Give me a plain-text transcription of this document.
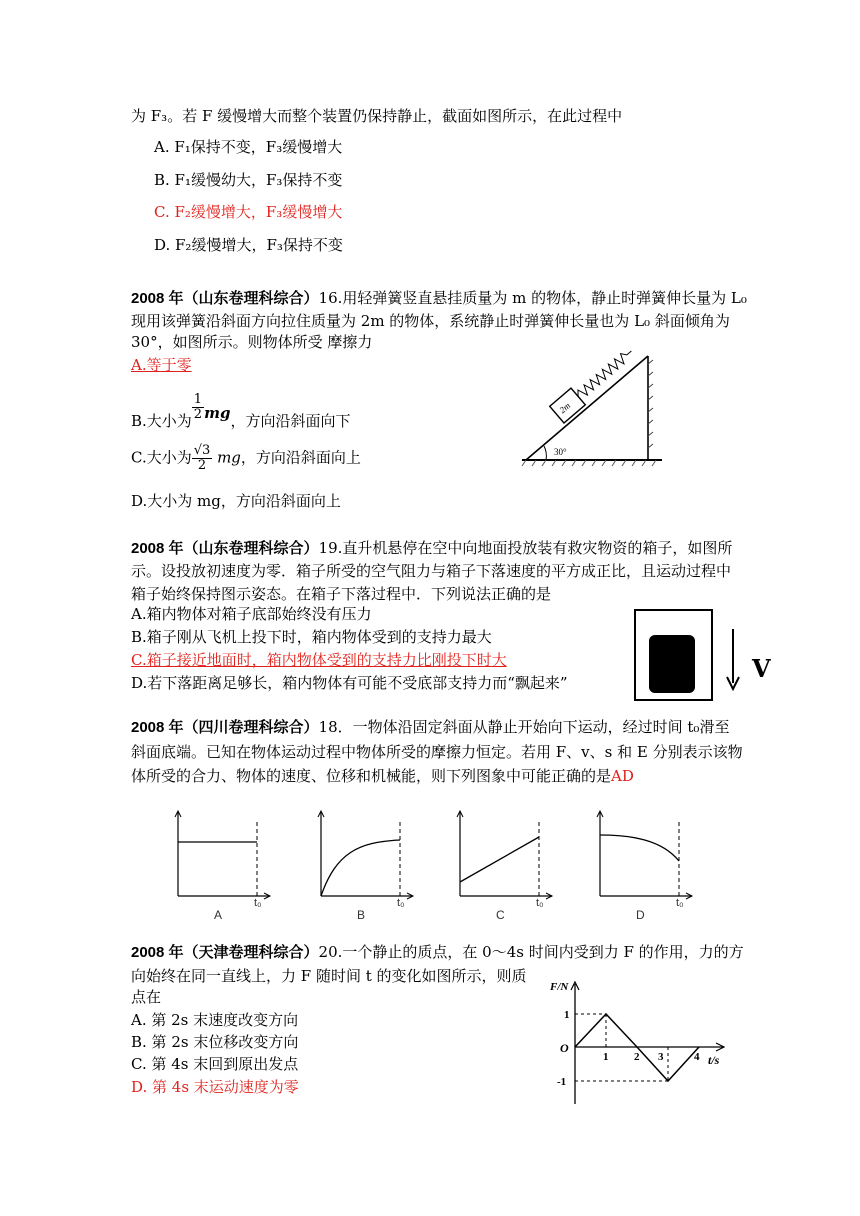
为 F₃。若 F 缓慢增大而整个装置仍保持静止，截面如图所示，在此过程中
A. F₁保持不变，F₃缓慢增大
B. F₁缓慢幼大，F₃保持不变
C. F₂缓慢增大，F₃缓慢增大
D. F₂缓慢增大，F₃保持不变
2008 年（山东卷理科综合）16.用轻弹簧竖直悬挂质量为 m 的物体，静止时弹簧伸长量为 L₀
现用该弹簧沿斜面方向拉住质量为 2m 的物体，系统静止时弹簧伸长量也为 L₀ 斜面倾角为
30°，如图所示。则物体所受 摩擦力
A.等于零
B.大小为 $\frac{1}{2}$ mg，方向沿斜面向下
C.大小为 $\frac{√3}{2}$ mg，方向沿斜面向上
D.大小为 mg，方向沿斜面向上
30°
2m
2008 年（山东卷理科综合）19.直升机悬停在空中向地面投放装有救灾物资的箱子，如图所
示。设投放初速度为零．箱子所受的空气阻力与箱子下落速度的平方成正比，且运动过程中
箱子始终保持图示姿态。在箱子下落过程中．下列说法正确的是
A.箱内物体对箱子底部始终没有压力
B.箱子刚从飞机上投下时，箱内物体受到的支持力最大
C.箱子接近地面时，箱内物体受到的支持力比刚投下时大
D.若下落距离足够长，箱内物体有可能不受底部支持力而“飘起来”	V
2008 年（四川卷理科综合）18．一物体沿固定斜面从静止开始向下运动，经过时间 t₀滑至
斜面底端。已知在物体运动过程中物体所受的摩擦力恒定。若用 F、v、s 和 E 分别表示该物
体所受的合力、物体的速度、位移和机械能，则下列图象中可能正确的是AD
t₀	t₀	t₀	t₀
A	B	C	D
2008 年（天津卷理科综合）20.一个静止的质点，在 0～4s 时间内受到力 F 的作用，力的方
向始终在同一直线上，力 F 随时间 t 的变化如图所示，则质
点在
A. 第 2s 末速度改变方向
B. 第 2s 末位移改变方向
C. 第 4s 末回到原出发点
D. 第 4s 末运动速度为零
F/N
1
-1
O
1 2 3	4 t/s
